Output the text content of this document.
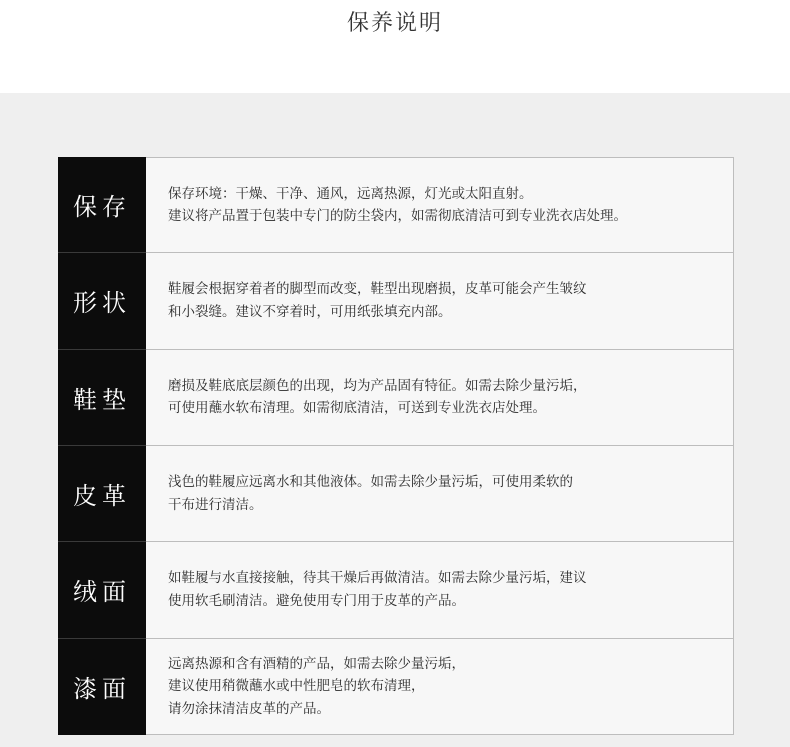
保养说明
保存	保存环境：干燥、干净、通风，远离热源，灯光或太阳直射。
建议将产品置于包装中专门的防尘袋内，如需彻底清洁可到专业洗衣店处理。
形状	鞋履会根据穿着者的脚型而改变，鞋型出现磨损，皮革可能会产生皱纹
和小裂缝。建议不穿着时，可用纸张填充内部。
鞋垫	磨损及鞋底底层颜色的出现，均为产品固有特征。如需去除少量污垢，
可使用蘸水软布清理。如需彻底清洁，可送到专业洗衣店处理。
皮革	浅色的鞋履应远离水和其他液体。如需去除少量污垢，可使用柔软的
干布进行清洁。
绒面	如鞋履与水直接接触，待其干燥后再做清洁。如需去除少量污垢，建议
使用软毛刷清洁。避免使用专门用于皮革的产品。
漆面
远离热源和含有酒精的产品，如需去除少量污垢，
建议使用稍微蘸水或中性肥皂的软布清理，
请勿涂抹清洁皮革的产品。
